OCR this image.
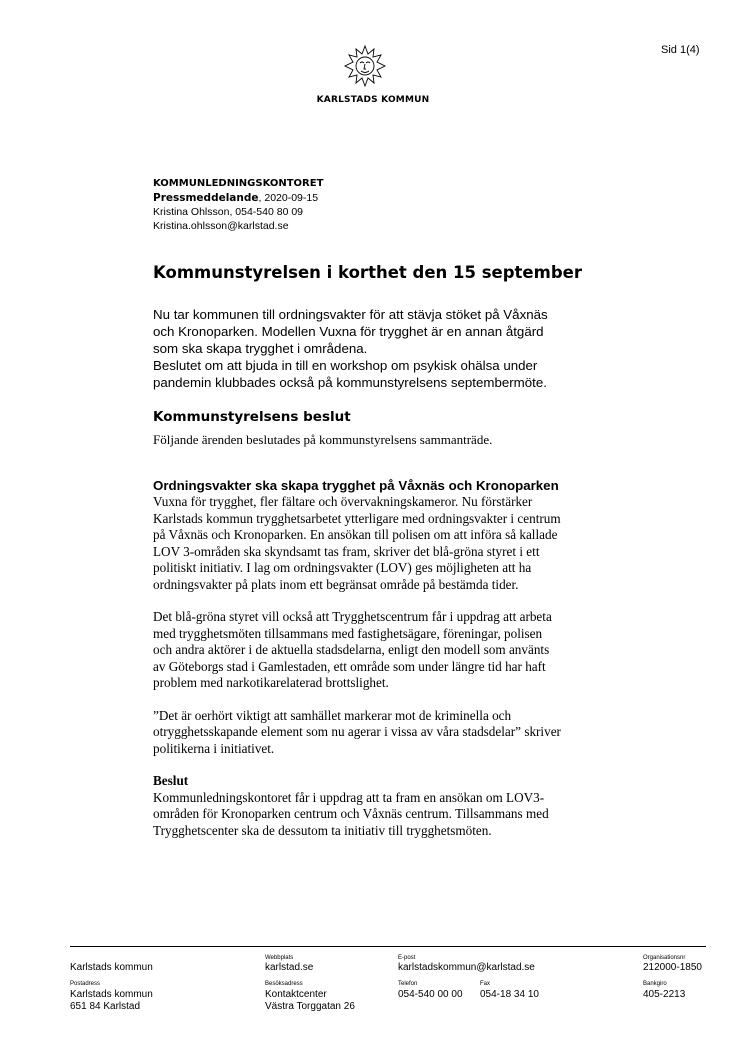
Sid 1(4)
KARLSTADS KOMMUN
KOMMUNLEDNINGSKONTORET
Pressmeddelande, 2020-09-15
Kristina Ohlsson, 054-540 80 09
Kristina.ohlsson@karlstad.se
Kommunstyrelsen i korthet den 15 september

Nu tar kommunen till ordningsvakter för att stävja stöket på Våxnäs

och Kronoparken. Modellen Vuxna för trygghet är en annan åtgärd

som ska skapa trygghet i områdena.

Beslutet om att bjuda in till en workshop om psykisk ohälsa under

pandemin klubbades också på kommunstyrelsens septembermöte.

Kommunstyrelsens beslut
Följande ärenden beslutades på kommunstyrelsens sammanträde.
Ordningsvakter ska skapa trygghet på Våxnäs och Kronoparken

Vuxna för trygghet, fler fältare och övervakningskameror. Nu förstärker

Karlstads kommun trygghetsarbetet ytterligare med ordningsvakter i centrum

på Våxnäs och Kronoparken. En ansökan till polisen om att införa så kallade

LOV 3-områden ska skyndsamt tas fram, skriver det blå-gröna styret i ett

politiskt initiativ. I lag om ordningsvakter (LOV) ges möjligheten att ha

ordningsvakter på plats inom ett begränsat område på bestämda tider.

Det blå-gröna styret vill också att Trygghetscentrum får i uppdrag att arbeta

med trygghetsmöten tillsammans med fastighetsägare, föreningar, polisen

och andra aktörer i de aktuella stadsdelarna, enligt den modell som använts

av Göteborgs stad i Gamlestaden, ett område som under längre tid har haft

problem med narkotikarelaterad brottslighet.

”Det är oerhört viktigt att samhället markerar mot de kriminella och

otrygghetsskapande element som nu agerar i vissa av våra stadsdelar” skriver

politikerna i initiativet.

Beslut

Kommunledningskontoret får i uppdrag att ta fram en ansökan om LOV3-

områden för Kronoparken centrum och Våxnäs centrum. Tillsammans med

Trygghetscenter ska de dessutom ta initiativ till trygghetsmöten.

Karlstads kommun
Webbplats
karlstad.se
E-post
karlstadskommun@karlstad.se
Organisationsnr
212000-1850
Postadress
Karlstads kommun
651 84 Karlstad
Besöksadress
Kontaktcenter
Västra Torggatan 26
Telefon
054-540 00 00
Fax
054-18 34 10
Bankgiro
405-2213
